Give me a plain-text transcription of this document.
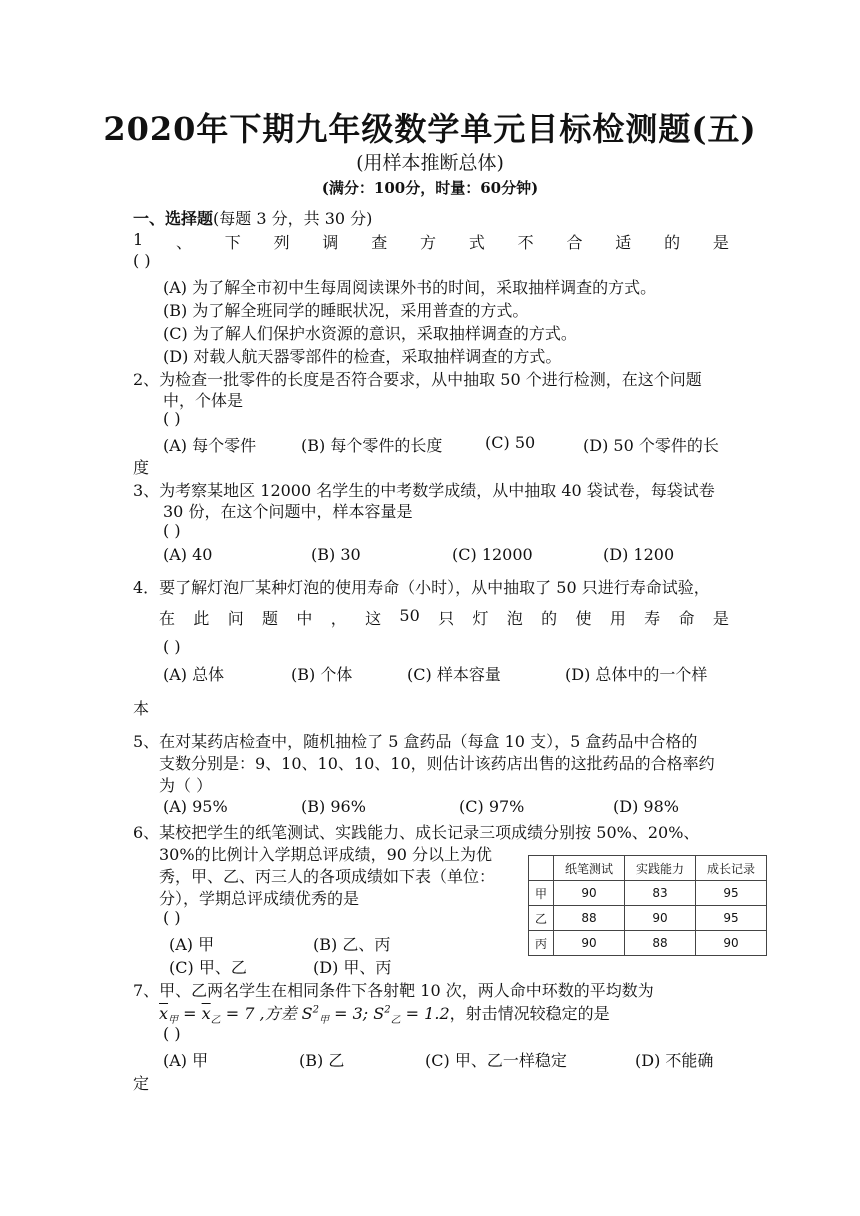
2020年下期九年级数学单元目标检测题(五)
(用样本推断总体)
(满分：100分，时量：60分钟)
一、选择题(每题 3 分，共 30 分)
1 、 下 列 调 查 方 式 不 合 适 的 是
( )
(A) 为了解全市初中生每周阅读课外书的时间，采取抽样调查的方式。
(B) 为了解全班同学的睡眠状况，采用普查的方式。
(C) 为了解人们保护水资源的意识，采取抽样调查的方式。
(D) 对载人航天器零部件的检查，采取抽样调查的方式。
2、为检查一批零件的长度是否符合要求，从中抽取 50 个进行检测，在这个问题
中，个体是
( )
(A) 每个零件	(B) 每个零件的长度	(C) 50	(D) 50 个零件的长
度
3、为考察某地区 12000 名学生的中考数学成绩，从中抽取 40 袋试卷，每袋试卷
30 份，在这个问题中，样本容量是
( )
(A) 40	(B) 30	(C) 12000	(D) 1200
4．要了解灯泡厂某种灯泡的使用寿命（小时），从中抽取了 50 只进行寿命试验，
在 此 问 题 中 ， 这 50 只 灯 泡 的 使 用 寿 命 是
( )
(A) 总体	(B) 个体	(C) 样本容量	(D) 总体中的一个样
本
5、在对某药店检查中，随机抽检了 5 盒药品（每盒 10 支），5 盒药品中合格的
支数分别是：9、10、10、10、10，则估计该药店出售的这批药品的合格率约
为（ ）
(A) 95%	(B) 96%	(C) 97%	(D) 98%
6、某校把学生的纸笔测试、实践能力、成长记录三项成绩分别按 50%、20%、
30%的比例计入学期总评成绩，90 分以上为优
秀，甲、乙、丙三人的各项成绩如下表（单位：
分），学期总评成绩优秀的是
( )
(A) 甲	(B) 乙、丙
(C) 甲、乙	(D) 甲、丙
	纸笔测试	实践能力	成长记录
甲	90	83	95
乙	88	90	95
丙	90	88	90
7、甲、乙两名学生在相同条件下各射靶 10 次，两人命中环数的平均数为
$\overline{x}_甲 = \overline{x}_乙 = 7$ ,方差 $S^2_甲 = 3$; $S^2_乙 = 1.2$，射击情况较稳定的是
( )
(A) 甲	(B) 乙	(C) 甲、乙一样稳定	(D) 不能确
定
